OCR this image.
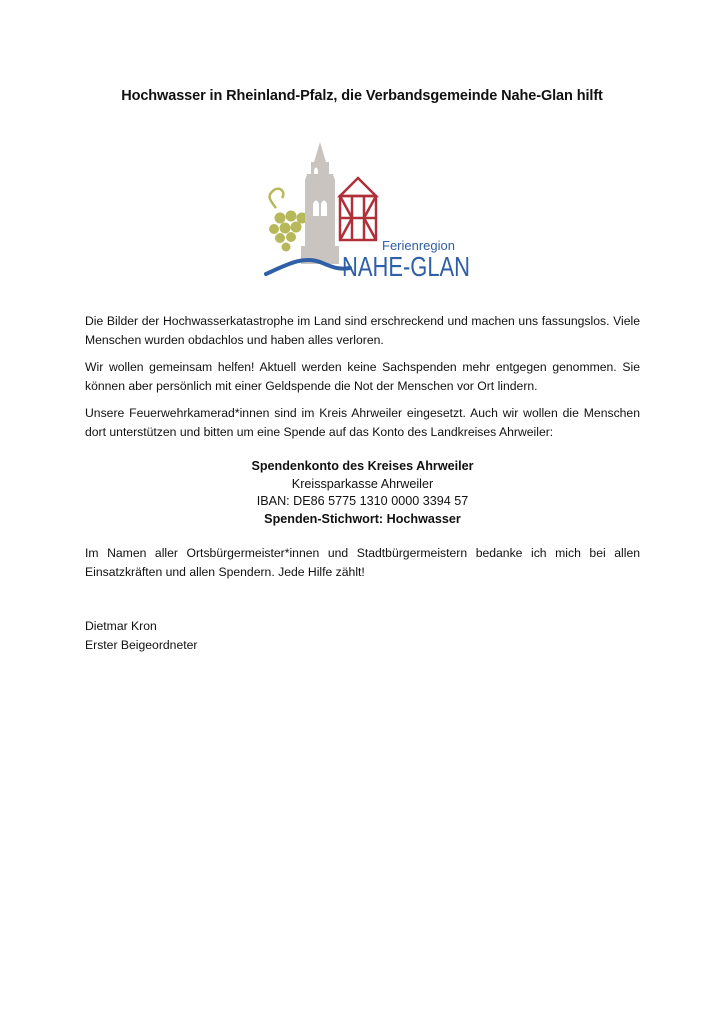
Hochwasser in Rheinland-Pfalz, die Verbandsgemeinde Nahe-Glan hilft
Ferienregion
NAHE-GLAN
Die Bilder der Hochwasserkatastrophe im Land sind erschreckend und machen uns fassungslos. Viele Menschen wurden obdachlos und haben alles verloren.
Wir wollen gemeinsam helfen! Aktuell werden keine Sachspenden mehr entgegen genommen. Sie können aber persönlich mit einer Geldspende die Not der Menschen vor Ort lindern.
Unsere Feuerwehrkamerad*innen sind im Kreis Ahrweiler eingesetzt. Auch wir wollen die Menschen dort unterstützen und bitten um eine Spende auf das Konto des Landkreises Ahrweiler:
Spendenkonto des Kreises Ahrweiler
Kreissparkasse Ahrweiler
IBAN: DE86 5775 1310 0000 3394 57
Spenden-Stichwort: Hochwasser
Im Namen aller Ortsbürgermeister*innen und Stadtbürgermeistern bedanke ich mich bei allen Einsatzkräften und allen Spendern. Jede Hilfe zählt!
Dietmar Kron
Erster Beigeordneter
